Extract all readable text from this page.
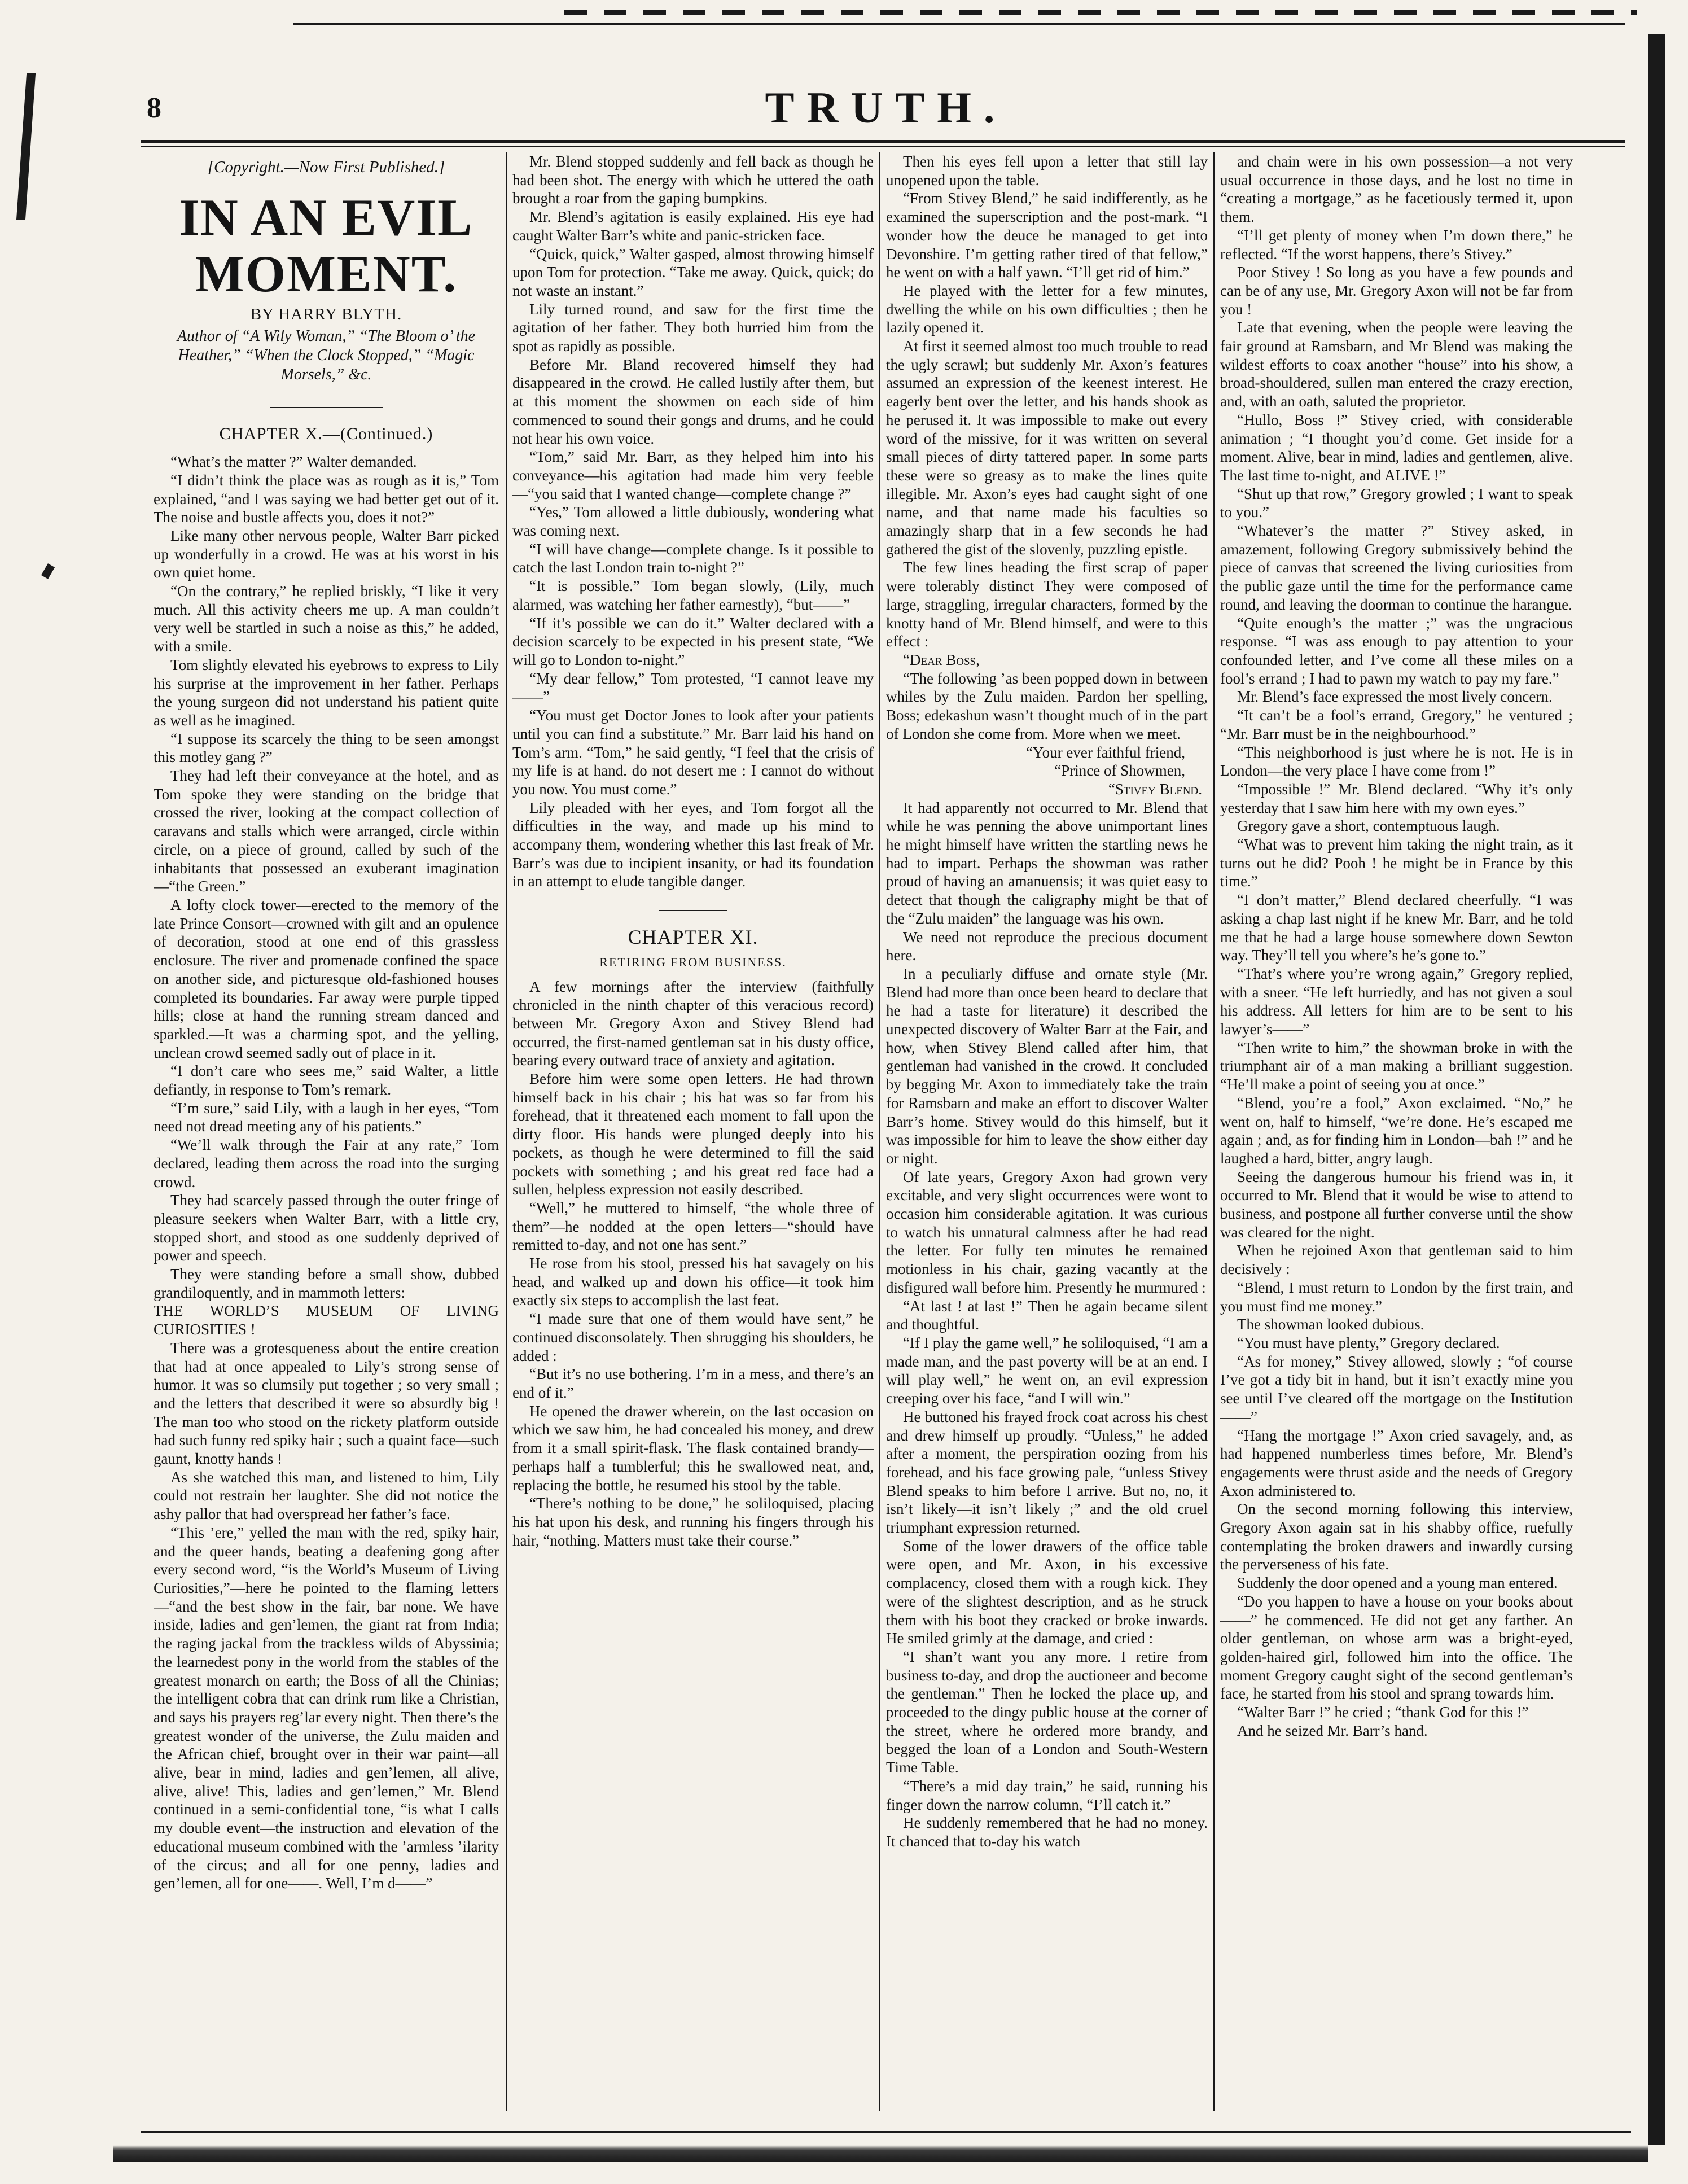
8	TRUTH.
[Copyright.—Now First Published.]
IN AN EVIL MOMENT.
BY HARRY BLYTH.
Author of “A Wily Woman,” “The Bloom o’ the Heather,” “When the Clock Stopped,” “Magic Morsels,” &c.
CHAPTER X.—(Continued.)

“What’s the matter ?” Walter demanded.

“I didn’t think the place was as rough as it is,” Tom explained, “and I was saying we had better get out of it. The noise and bustle affects you, does it not?”

Like many other nervous people, Walter Barr picked up wonderfully in a crowd. He was at his worst in his own quiet home.

“On the contrary,” he replied briskly, “I like it very much. All this activity cheers me up. A man couldn’t very well be startled in such a noise as this,” he added, with a smile.

Tom slightly elevated his eyebrows to express to Lily his surprise at the improvement in her father. Perhaps the young surgeon did not understand his patient quite as well as he imagined.

“I suppose its scarcely the thing to be seen amongst this motley gang ?”

They had left their conveyance at the hotel, and as Tom spoke they were standing on the bridge that crossed the river, looking at the compact collection of caravans and stalls which were arranged, circle within circle, on a piece of ground, called by such of the inhabitants that possessed an exuberant imagination—“the Green.”

A lofty clock tower—erected to the memory of the late Prince Consort—crowned with gilt and an opulence of decoration, stood at one end of this grassless enclosure. The river and promenade confined the space on another side, and picturesque old-fashioned houses completed its boundaries. Far away were purple tipped hills; close at hand the running stream danced and sparkled.—It was a charming spot, and the yelling, unclean crowd seemed sadly out of place in it.

“I don’t care who sees me,” said Walter, a little defiantly, in response to Tom’s remark.

“I’m sure,” said Lily, with a laugh in her eyes, “Tom need not dread meeting any of his patients.”

“We’ll walk through the Fair at any rate,” Tom declared, leading them across the road into the surging crowd.

They had scarcely passed through the outer fringe of pleasure seekers when Walter Barr, with a little cry, stopped short, and stood as one suddenly deprived of power and speech.

They were standing before a small show, dubbed grandiloquently, and in mammoth letters:

THE WORLD’S MUSEUM OF LIVING CURIOSITIES !

There was a grotesqueness about the entire creation that had at once appealed to Lily’s strong sense of humor. It was so clumsily put together ; so very small ; and the letters that described it were so absurdly big ! The man too who stood on the rickety platform outside had such funny red spiky hair ; such a quaint face—such gaunt, knotty hands !

As she watched this man, and listened to him, Lily could not restrain her laughter. She did not notice the ashy pallor that had overspread her father’s face.

“This ’ere,” yelled the man with the red, spiky hair, and the queer hands, beating a deafening gong after every second word, “is the World’s Museum of Living Curiosities,”—here he pointed to the flaming letters—“and the best show in the fair, bar none. We have inside, ladies and gen’lemen, the giant rat from India; the raging jackal from the trackless wilds of Abyssinia; the learnedest pony in the world from the stables of the greatest monarch on earth; the Boss of all the Chinias; the intelligent cobra that can drink rum like a Christian, and says his prayers reg’lar every night. Then there’s the greatest wonder of the universe, the Zulu maiden and the African chief, brought over in their war paint—all alive, bear in mind, ladies and gen’lemen, all alive, alive, alive! This, ladies and gen’lemen,” Mr. Blend continued in a semi-confidential tone, “is what I calls my double event—the instruction and elevation of the educational museum combined with the ’armless ’ilarity of the circus; and all for one penny, ladies and gen’lemen, all for one——. Well, I’m d——”

Mr. Blend stopped suddenly and fell back as though he had been shot. The energy with which he uttered the oath brought a roar from the gaping bumpkins.

Mr. Blend’s agitation is easily explained. His eye had caught Walter Barr’s white and panic-stricken face.

“Quick, quick,” Walter gasped, almost throwing himself upon Tom for protection. “Take me away. Quick, quick; do not waste an instant.”

Lily turned round, and saw for the first time the agitation of her father. They both hurried him from the spot as rapidly as possible.

Before Mr. Bland recovered himself they had disappeared in the crowd. He called lustily after them, but at this moment the showmen on each side of him commenced to sound their gongs and drums, and he could not hear his own voice.

“Tom,” said Mr. Barr, as they helped him into his conveyance—his agitation had made him very feeble—“you said that I wanted change—complete change ?”

“Yes,” Tom allowed a little dubiously, wondering what was coming next.

“I will have change—complete change. Is it possible to catch the last London train to-night ?”

“It is possible.” Tom began slowly, (Lily, much alarmed, was watching her father earnestly), “but——”

“If it’s possible we can do it.” Walter declared with a decision scarcely to be expected in his present state, “We will go to London to-night.”

“My dear fellow,” Tom protested, “I cannot leave my——”

“You must get Doctor Jones to look after your patients until you can find a substitute.” Mr. Barr laid his hand on Tom’s arm. “Tom,” he said gently, “I feel that the crisis of my life is at hand. do not desert me : I cannot do without you now. You must come.”

Lily pleaded with her eyes, and Tom forgot all the difficulties in the way, and made up his mind to accompany them, wondering whether this last freak of Mr. Barr’s was due to incipient insanity, or had its foundation in an attempt to elude tangible danger.

CHAPTER XI.
RETIRING FROM BUSINESS.

A few mornings after the interview (faithfully chronicled in the ninth chapter of this veracious record) between Mr. Gregory Axon and Stivey Blend had occurred, the first-named gentleman sat in his dusty office, bearing every outward trace of anxiety and agitation.

Before him were some open letters. He had thrown himself back in his chair ; his hat was so far from his forehead, that it threatened each moment to fall upon the dirty floor. His hands were plunged deeply into his pockets, as though he were determined to fill the said pockets with something ; and his great red face had a sullen, helpless expression not easily described.

“Well,” he muttered to himself, “the whole three of them”—he nodded at the open letters—“should have remitted to-day, and not one has sent.”

He rose from his stool, pressed his hat savagely on his head, and walked up and down his office—it took him exactly six steps to accomplish the last feat.

“I made sure that one of them would have sent,” he continued disconsolately. Then shrugging his shoulders, he added :

“But it’s no use bothering. I’m in a mess, and there’s an end of it.”

He opened the drawer wherein, on the last occasion on which we saw him, he had concealed his money, and drew from it a small spirit-flask. The flask contained brandy—perhaps half a tumblerful; this he swallowed neat, and, replacing the bottle, he resumed his stool by the table.

“There’s nothing to be done,” he soliloquised, placing his hat upon his desk, and running his fingers through his hair, “nothing. Matters must take their course.”

Then his eyes fell upon a letter that still lay unopened upon the table.

“From Stivey Blend,” he said indifferently, as he examined the superscription and the post-mark. “I wonder how the deuce he managed to get into Devonshire. I’m getting rather tired of that fellow,” he went on with a half yawn. “I’ll get rid of him.”

He played with the letter for a few minutes, dwelling the while on his own difficulties ; then he lazily opened it.

At first it seemed almost too much trouble to read the ugly scrawl; but suddenly Mr. Axon’s features assumed an expression of the keenest interest. He eagerly bent over the letter, and his hands shook as he perused it. It was impossible to make out every word of the missive, for it was written on several small pieces of dirty tattered paper. In some parts these were so greasy as to make the lines quite illegible. Mr. Axon’s eyes had caught sight of one name, and that name made his faculties so amazingly sharp that in a few seconds he had gathered the gist of the slovenly, puzzling epistle.

The few lines heading the first scrap of paper were tolerably distinct They were composed of large, straggling, irregular characters, formed by the knotty hand of Mr. Blend himself, and were to this effect :

“Dear Boss,

“The following ’as been popped down in between whiles by the Zulu maiden. Pardon her spelling, Boss; edekashun wasn’t thought much of in the part of London she come from. More when we meet.

“Your ever faithful friend,

“Prince of Showmen,

“Stivey Blend.

It had apparently not occurred to Mr. Blend that while he was penning the above unimportant lines he might himself have written the startling news he had to impart. Perhaps the showman was rather proud of having an amanuensis; it was quiet easy to detect that though the caligraphy might be that of the “Zulu maiden” the language was his own.

We need not reproduce the precious document here.

In a peculiarly diffuse and ornate style (Mr. Blend had more than once been heard to declare that he had a taste for literature) it described the unexpected discovery of Walter Barr at the Fair, and how, when Stivey Blend called after him, that gentleman had vanished in the crowd. It concluded by begging Mr. Axon to immediately take the train for Ramsbarn and make an effort to discover Walter Barr’s home. Stivey would do this himself, but it was impossible for him to leave the show either day or night.

Of late years, Gregory Axon had grown very excitable, and very slight occurrences were wont to occasion him considerable agitation. It was curious to watch his unnatural calmness after he had read the letter. For fully ten minutes he remained motionless in his chair, gazing vacantly at the disfigured wall before him. Presently he murmured :

“At last ! at last !” Then he again became silent and thoughtful.

“If I play the game well,” he soliloquised, “I am a made man, and the past poverty will be at an end. I will play well,” he went on, an evil expression creeping over his face, “and I will win.”

He buttoned his frayed frock coat across his chest and drew himself up proudly. “Unless,” he added after a moment, the perspiration oozing from his forehead, and his face growing pale, “unless Stivey Blend speaks to him before I arrive. But no, no, it isn’t likely—it isn’t likely ;” and the old cruel triumphant expression returned.

Some of the lower drawers of the office table were open, and Mr. Axon, in his excessive complacency, closed them with a rough kick. They were of the slightest description, and as he struck them with his boot they cracked or broke inwards. He smiled grimly at the damage, and cried :

“I shan’t want you any more. I retire from business to-day, and drop the auctioneer and become the gentleman.” Then he locked the place up, and proceeded to the dingy public house at the corner of the street, where he ordered more brandy, and begged the loan of a London and South-Western Time Table.

“There’s a mid day train,” he said, running his finger down the narrow column, “I’ll catch it.”

He suddenly remembered that he had no money. It chanced that to-day his watch

and chain were in his own possession—a not very usual occurrence in those days, and he lost no time in “creating a mortgage,” as he facetiously termed it, upon them.

“I’ll get plenty of money when I’m down there,” he reflected. “If the worst happens, there’s Stivey.”

Poor Stivey ! So long as you have a few pounds and can be of any use, Mr. Gregory Axon will not be far from you !

Late that evening, when the people were leaving the fair ground at Ramsbarn, and Mr Blend was making the wildest efforts to coax another “house” into his show, a broad-shouldered, sullen man entered the crazy erection, and, with an oath, saluted the proprietor.

“Hullo, Boss !” Stivey cried, with considerable animation ; “I thought you’d come. Get inside for a moment. Alive, bear in mind, ladies and gentlemen, alive. The last time to-night, and ALIVE !”

“Shut up that row,” Gregory growled ; I want to speak to you.”

“Whatever’s the matter ?” Stivey asked, in amazement, following Gregory submissively behind the piece of canvas that screened the living curiosities from the public gaze until the time for the performance came round, and leaving the doorman to continue the harangue.

“Quite enough’s the matter ;” was the ungracious response. “I was ass enough to pay attention to your confounded letter, and I’ve come all these miles on a fool’s errand ; I had to pawn my watch to pay my fare.”

Mr. Blend’s face expressed the most lively concern.

“It can’t be a fool’s errand, Gregory,” he ventured ; “Mr. Barr must be in the neighbourhood.”

“This neighborhood is just where he is not. He is in London—the very place I have come from !”

“Impossible !” Mr. Blend declared. “Why it’s only yesterday that I saw him here with my own eyes.”

Gregory gave a short, contemptuous laugh.

“What was to prevent him taking the night train, as it turns out he did? Pooh ! he might be in France by this time.”

“I don’t matter,” Blend declared cheerfully. “I was asking a chap last night if he knew Mr. Barr, and he told me that he had a large house somewhere down Sewton way. They’ll tell you where’s he’s gone to.”

“That’s where you’re wrong again,” Gregory replied, with a sneer. “He left hurriedly, and has not given a soul his address. All letters for him are to be sent to his lawyer’s——”

“Then write to him,” the showman broke in with the triumphant air of a man making a brilliant suggestion. “He’ll make a point of seeing you at once.”

“Blend, you’re a fool,” Axon exclaimed. “No,” he went on, half to himself, “we’re done. He’s escaped me again ; and, as for finding him in London—bah !” and he laughed a hard, bitter, angry laugh.

Seeing the dangerous humour his friend was in, it occurred to Mr. Blend that it would be wise to attend to business, and postpone all further converse until the show was cleared for the night.

When he rejoined Axon that gentleman said to him decisively :

“Blend, I must return to London by the first train, and you must find me money.”

The showman looked dubious.

“You must have plenty,” Gregory declared.

“As for money,” Stivey allowed, slowly ; “of course I’ve got a tidy bit in hand, but it isn’t exactly mine you see until I’ve cleared off the mortgage on the Institution——”

“Hang the mortgage !” Axon cried savagely, and, as had happened numberless times before, Mr. Blend’s engagements were thrust aside and the needs of Gregory Axon administered to.

On the second morning following this interview, Gregory Axon again sat in his shabby office, ruefully contemplating the broken drawers and inwardly cursing the perverseness of his fate.

Suddenly the door opened and a young man entered.

“Do you happen to have a house on your books about——” he commenced. He did not get any farther. An older gentleman, on whose arm was a bright-eyed, golden-haired girl, followed him into the office. The moment Gregory caught sight of the second gentleman’s face, he started from his stool and sprang towards him.

“Walter Barr !” he cried ; “thank God for this !”

And he seized Mr. Barr’s hand.
